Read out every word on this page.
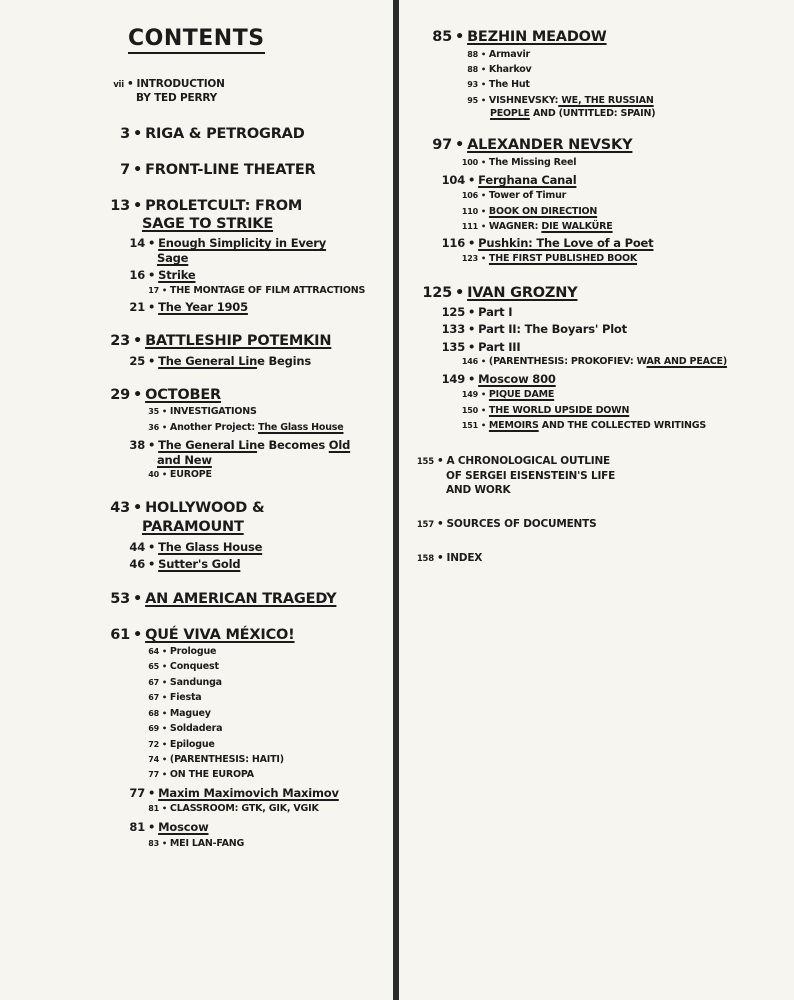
CONTENTS
vii • INTRODUCTION
BY TED PERRY
3 • RIGA & PETROGRAD
7 • FRONT-LINE THEATER
13 • PROLETCULT: FROM
SAGE TO STRIKE
14 • Enough Simplicity in Every
Sage
16 • Strike
17 • THE MONTAGE OF FILM ATTRACTIONS
21 • The Year 1905
23 • BATTLESHIP POTEMKIN
25 • The General Line Begins
29 • OCTOBER
35 • INVESTIGATIONS
36 • Another Project: The Glass House
38 • The General Line Becomes Old
and New
40 • EUROPE
43 • HOLLYWOOD &
PARAMOUNT
44 • The Glass House
46 • Sutter's Gold
53 • AN AMERICAN TRAGEDY
61 • QUÉ VIVA MÉXICO!
64 • Prologue
65 • Conquest
67 • Sandunga
67 • Fiesta
68 • Maguey
69 • Soldadera
72 • Epilogue
74 • (PARENTHESIS: HAITI)
77 • ON THE EUROPA
77 • Maxim Maximovich Maximov
81 • CLASSROOM: GTK, GIK, VGIK
81 • Moscow
83 • MEI LAN-FANG
85 • BEZHIN MEADOW
88 • Armavir
88 • Kharkov
93 • The Hut
95 • VISHNEVSKY: WE, THE RUSSIAN
PEOPLE AND (UNTITLED: SPAIN)
97 • ALEXANDER NEVSKY
100 • The Missing Reel
104 • Ferghana Canal
106 • Tower of Timur
110 • BOOK ON DIRECTION
111 • WAGNER: DIE WALKÜRE
116 • Pushkin: The Love of a Poet
123 • THE FIRST PUBLISHED BOOK
125 • IVAN GROZNY
125 • Part I
133 • Part II: The Boyars' Plot
135 • Part III
146 • (PARENTHESIS: PROKOFIEV: WAR AND PEACE)
149 • Moscow 800
149 • PIQUE DAME
150 • THE WORLD UPSIDE DOWN
151 • MEMOIRS AND THE COLLECTED WRITINGS
155 • A CHRONOLOGICAL OUTLINE
OF SERGEI EISENSTEIN'S LIFE
AND WORK
157 • SOURCES OF DOCUMENTS
158 • INDEX
